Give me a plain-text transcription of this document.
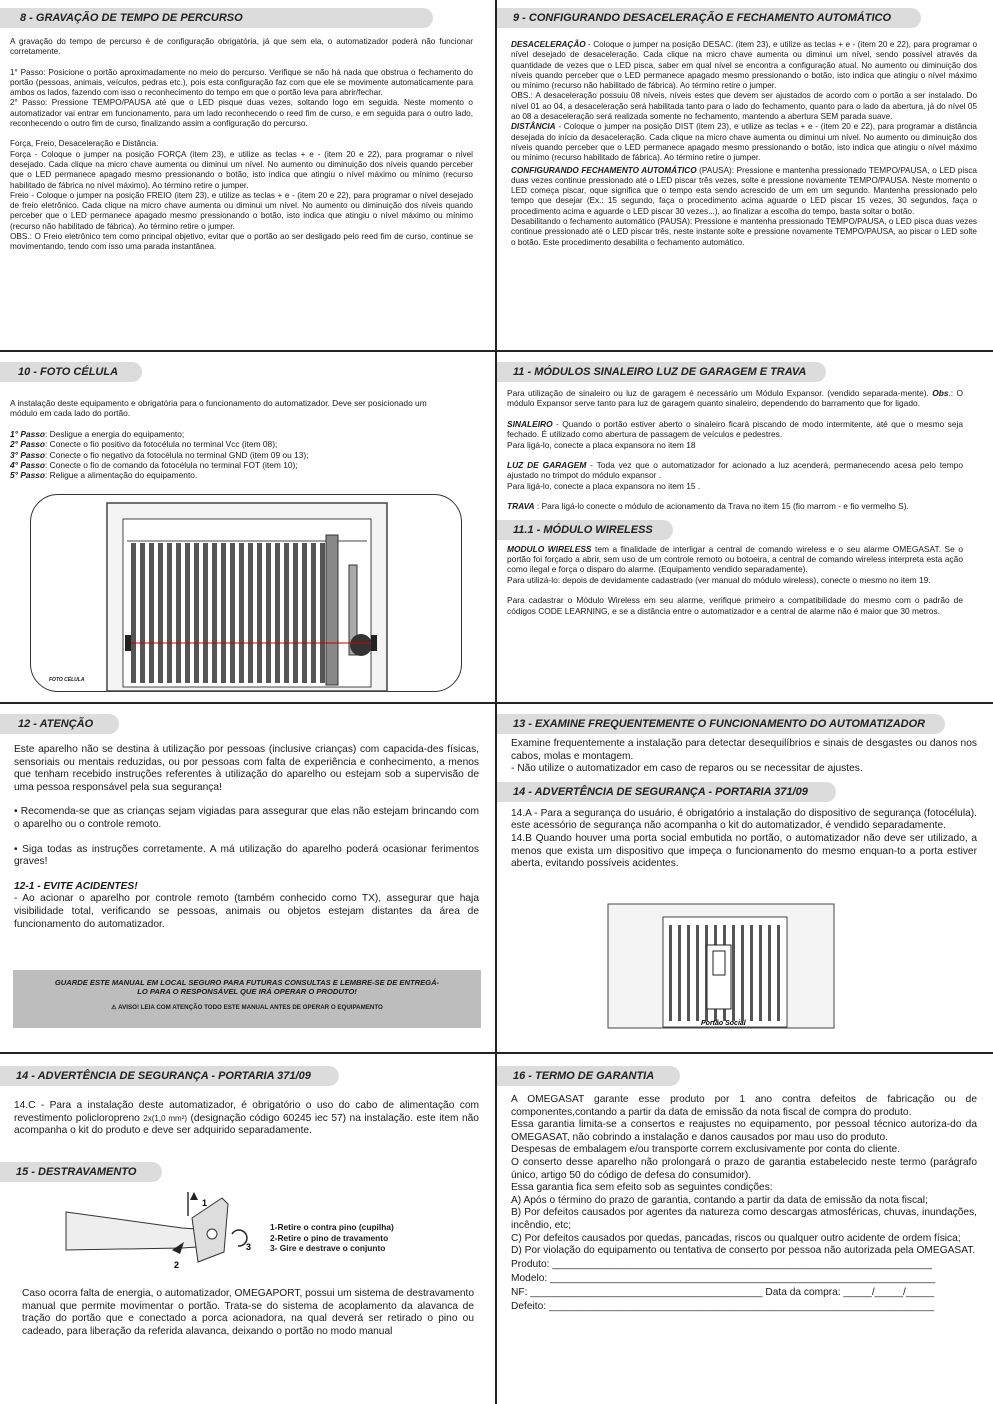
8 - GRAVAÇÃO DE TEMPO DE PERCURSO

A gravação do tempo de percurso é de configuração obrigatória, já que sem ela, o automatizador poderá não funcionar corretamente.

1° Passo: Posicione o portão aproximadamente no meio do percurso. Verifique se não há nada que obstrua o fechamento do portão (pessoas, animais, veículos, pedras etc.), pois esta configuração faz com que ele se movimente automaticamente para ambos os lados, fazendo com isso o reconhecimento do tempo em que o portão leva para abrir/fechar.

2° Passo: Pressione TEMPO/PAUSA até que o LED pisque duas vezes, soltando logo em seguida. Neste momento o automatizador vai entrar em funcionamento, para um lado reconhecendo o reed fim de curso, e em seguida para o outro lado, reconhecendo o outro fim de curso, finalizando assim a configuração do percurso.

Força, Freio, Desaceleração e Distância.

Força - Coloque o jumper na posição FORÇA (item 23), e utilize as teclas + e - (item 20 e 22), para programar o nível desejado. Cada clique na micro chave aumenta ou diminui um nível. No aumento ou diminuição dos níveis quando perceber que o LED permanece apagado mesmo pressionando o botão, isto indica que atingiu o nível máximo ou mínimo (recurso habilitado de fábrica no nível máximo). Ao término retire o jumper.

Freio - Coloque o jumper na posição FREIO (item 23), e utilize as teclas + e - (item 20 e 22), para programar o nível desejado de freio eletrônico. Cada clique na micro chave aumenta ou diminui um nível. No aumento ou diminuição dos níveis quando perceber que o LED permanece apagado mesmo pressionando o botão, isto indica que atingiu o nível máximo ou mínimo (recurso não habilitado de fábrica). Ao término retire o jumper.

OBS.: O Freio eletrônico tem como principal objetivo, evitar que o portão ao ser desligado pelo reed fim de curso, continue se movimentando, tendo com isso uma parada instantânea.

9 - CONFIGURANDO DESACELERAÇÃO E FECHAMENTO AUTOMÁTICO

DESACELERAÇÃO - Coloque o jumper na posição DESAC. (item 23), e utilize as teclas + e - (item 20 e 22), para programar o nível desejado de desaceleração. Cada clique na micro chave aumenta ou diminui um nível, sendo possível através da quantidade de vezes que o LED pisca, saber em qual nível se encontra a configuração atual. No aumento ou diminuição dos níveis quando perceber que o LED permanece apagado mesmo pressionando o botão, isto indica que atingiu o nível máximo ou mínimo (recurso não habilitado de fábrica). Ao término retire o jumper.

OBS.: A desaceleração possuiu 08 níveis, níveis estes que devem ser ajustados de acordo com o portão a ser instalado. Do nível 01 ao 04, a desaceleração será habilitada tanto para o lado do fechamento, quanto para o lado da abertura, já do nível 05 ao 08 a desaceleração será realizada somente no fechamento, mantendo a abertura SEM parada suave.

DISTÂNCIA - Coloque o jumper na posição DIST (item 23), e utilize as teclas + e - (item 20 e 22), para programar a distância desejada do início da desaceleração. Cada clique na micro chave aumenta ou diminui um nível. No aumento ou diminuição dos níveis quando perceber que o LED permanece apagado mesmo pressionando o botão, isto indica que atingiu o nível máximo ou mínimo (recurso habilitado de fábrica). Ao término retire o jumper.

CONFIGURANDO FECHAMENTO AUTOMÁTICO (PAUSA): Pressione e mantenha pressionado TEMPO/PAUSA, o LED pisca duas vezes continue pressionado até o LED piscar três vezes, solte e pressione novamente TEMPO/PAUSA. Neste momento o LED começa piscar, oque significa que o tempo esta sendo acrescido de um em um segundo. Mantenha pressionado pelo tempo que desejar (Ex.: 15 segundo, faça o procedimento acima aguarde o LED piscar 15 vezes, 30 segundos, faça o procedimento acima e aguarde o LED piscar 30 vezes...), ao finalizar a escolha do tempo, basta soltar o botão.

Desabilitando o fechamento automático (PAUSA): Pressione e mantenha pressionado TEMPO/PAUSA, o LED pisca duas vezes continue pressionado até o LED piscar três, neste instante solte e pressione novamente TEMPO/PAUSA, ao piscar o LED solte o botão. Este procedimento desabilita o fechamento automático.

10 - FOTO CÉLULA

A instalação deste equipamento e obrigatória para o funcionamento do automatizador. Deve ser posicionado um módulo em cada lado do portão.

1° Passo: Desligue a energia do equipamento;

2° Passo: Conecte o fio positivo da fotocélula no terminal Vcc (item 08);

3° Passo: Conecte o fio negativo da fotocélula no terminal GND (item 09 ou 13);

4° Passo: Conecte o fio de comando da fotocélula no terminal FOT (item 10);

5° Passo: Religue a alimentação do equipamento.

FOTO CÉLULA
11 - MÓDULOS SINALEIRO LUZ DE GARAGEM E TRAVA

Para utilização de sinaleiro ou luz de garagem é necessário um Módulo Expansor. (vendido separada-mente). Obs.: O módulo Expansor serve tanto para luz de garagem quanto sinaleiro, dependendo do barramento que for ligado.

SINALEIRO - Quando o portão estiver aberto o sinaleiro ficará piscando de modo intermitente, até que o mesmo seja fechado. É utilizado como abertura de passagem de veículos e pedestres.

Para ligá-lo, conecte a placa expansora no item 18

LUZ DE GARAGEM - Toda vez que o automatizador for acionado a luz acenderá, permanecendo acesa pelo tempo ajustado no trimpot do módulo expansor .

Para ligá-lo, conecte a placa expansora no item 15 .

TRAVA : Para ligá-lo conecte o módulo de acionamento da Trava no item 15 (fio marrom - e fio vermelho S).

11.1 - MÓDULO WIRELESS

MODULO WIRELESS tem a finalidade de interligar a central de comando wireless e o seu alarme OMEGASAT. Se o portão foi forçado a abrir, sem uso de um controle remoto ou botoeira, a central de comando wireless interpreta esta ação como ilegal e força o disparo do alarme. (Equipamento vendido separadamente).

Para utilizá-lo: depois de devidamente cadastrado (ver manual do módulo wireless), conecte o mesmo no item 19.

Para cadastrar o Módulo Wireless em seu alarme, verifique primeiro a compatibilidade do mesmo com o padrão de códigos CODE LEARNING, e se a distância entre o automatizador e a central de alarme não é maior que 30 metros.

12 - ATENÇÃO

Este aparelho não se destina à utilização por pessoas (inclusive crianças) com capacida-des físicas, sensoriais ou mentais reduzidas, ou por pessoas com falta de experiência e conhecimento, a menos que tenham recebido instruções referentes à utilização do aparelho ou estejam sob a supervisão de uma pessoa responsável pela sua segurança!

• Recomenda-se que as crianças sejam vigiadas para assegurar que elas não estejam brincando com o aparelho ou o controle remoto.

• Siga todas as instruções corretamente. A má utilização do aparelho poderá ocasionar ferimentos graves!

12-1 - EVITE ACIDENTES!

- Ao acionar o aparelho por controle remoto (também conhecido como TX), assegurar que haja visibilidade total, verificando se pessoas, animais ou objetos estejam distantes da área de funcionamento do automatizador.

GUARDE ESTE MANUAL EM LOCAL SEGURO PARA FUTURAS CONSULTAS E LEMBRE-SE DE ENTREGÁ- LO PARA O RESPONSÁVEL QUE IRÁ OPERAR O PRODUTO!
⚠ AVISO! LEIA COM ATENÇÃO TODO ESTE MANUAL ANTES DE OPERAR O EQUIPAMENTO
13 - EXAMINE FREQUENTEMENTE O FUNCIONAMENTO DO AUTOMATIZADOR

Examine frequentemente a instalação para detectar desequilíbrios e sinais de desgastes ou danos nos cabos, molas e montagem.

- Não utilize o automatizador em caso de reparos ou se necessitar de ajustes.

14 - ADVERTÊNCIA DE SEGURANÇA - PORTARIA 371/09

14.A - Para a segurança do usuário, é obrigatório a instalação do dispositivo de segurança (fotocélula). este acessório de segurança não acompanha o kit do automatizador, é vendido separadamente.

14.B Quando houver uma porta social embutida no portão, o automatizador não deve ser utilizado, a menos que exista um dispositivo que impeça o funcionamento do mesmo enquan-to a porta estiver aberta, evitando possíveis acidentes.

Portão Social
14 - ADVERTÊNCIA DE SEGURANÇA - PORTARIA 371/09

14.C - Para a instalação deste automatizador, é obrigatório o uso do cabo de alimentação com revestimento policloropreno 2x(1,0 mm²) (designação código 60245 iec 57) na instalação. este item não acompanha o kit do produto e deve ser adquirido separadamente.

15 - DESTRAVAMENTO
1
2
3
1-Retire o contra pino (cupilha)
2-Retire o pino de travamento
3- Gire e destrave o conjunto

Caso ocorra falta de energia, o automatizador, OMEGAPORT, possui um sistema de destravamento manual que permite movimentar o portão. Trata-se do sistema de acoplamento da alavanca de tração do portão que e conectado a porca acionadora, na qual deverá ser retirado o pino ou cadeado, para liberação da referida alavanca, deixando o portão no modo manual

16 - TERMO DE GARANTIA

A OMEGASAT garante esse produto por 1 ano contra defeitos de fabricação ou de componentes,contando a partir da data de emissão da nota fiscal de compra do produto.

Essa garantia limita-se a consertos e reajustes no equipamento, por pessoal técnico autoriza-do da OMEGASAT, não cobrindo a instalação e danos causados por mau uso do produto.

Despesas de embalagem e/ou transporte correm exclusivamente por conta do cliente.

O conserto desse aparelho não prolongará o prazo de garantia estabelecido neste termo (parágrafo único, artigo 50 do código de defesa do consumidor).

Essa garantia fica sem efeito sob as seguintes condições:

A) Após o término do prazo de garantia, contando a partir da data de emissão da nota fiscal;

B) Por defeitos causados por agentes da natureza como descargas atmosféricas, chuvas, inundações, incêndio, etc;

C) Por defeitos causados por quedas, pancadas, riscos ou qualquer outro acidente de ordem física;

D) Por violação do equipamento ou tentativa de conserto por pessoa não autorizada pela OMEGASAT.

Produto: ___________________________________________________________________
Modelo: ____________________________________________________________________
NF: _________________________________________ Data da compra: _____/_____/_____
Defeito: ____________________________________________________________________
